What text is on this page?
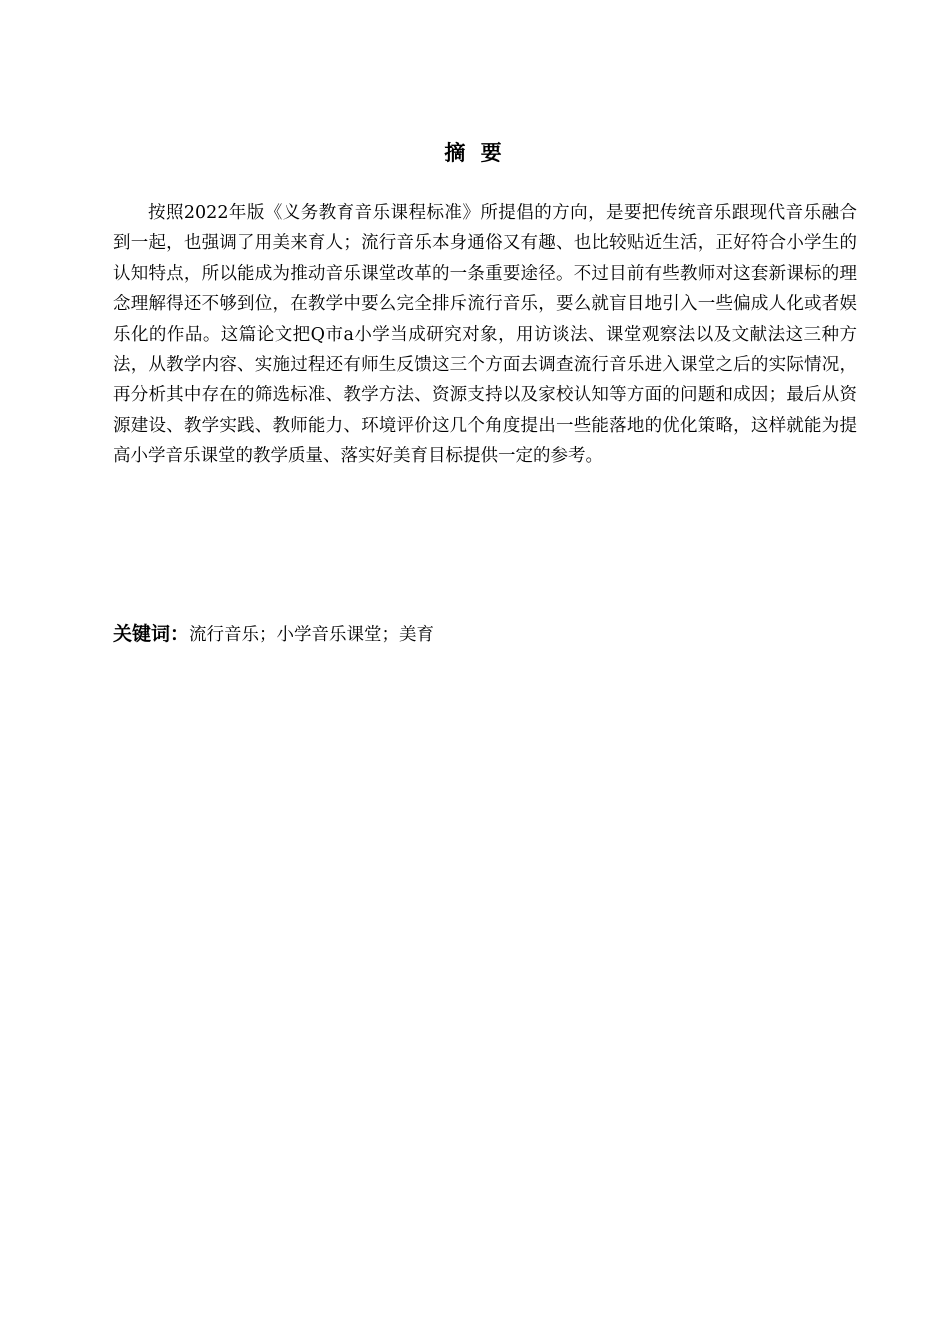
摘 要

按照2022年版《义务教育音乐课程标准》所提倡的方向，是要把传统音乐跟现代音乐融合到一起，也强调了用美来育人；流行音乐本身通俗又有趣、也比较贴近生活，正好符合小学生的认知特点，所以能成为推动音乐课堂改革的一条重要途径。不过目前有些教师对这套新课标的理念理解得还不够到位，在教学中要么完全排斥流行音乐，要么就盲目地引入一些偏成人化或者娱乐化的作品。这篇论文把Q市a小学当成研究对象，用访谈法、课堂观察法以及文献法这三种方法，从教学内容、实施过程还有师生反馈这三个方面去调查流行音乐进入课堂之后的实际情况，再分析其中存在的筛选标准、教学方法、资源支持以及家校认知等方面的问题和成因；最后从资源建设、教学实践、教师能力、环境评价这几个角度提出一些能落地的优化策略，这样就能为提高小学音乐课堂的教学质量、落实好美育目标提供一定的参考。

关键词：流行音乐；小学音乐课堂；美育
